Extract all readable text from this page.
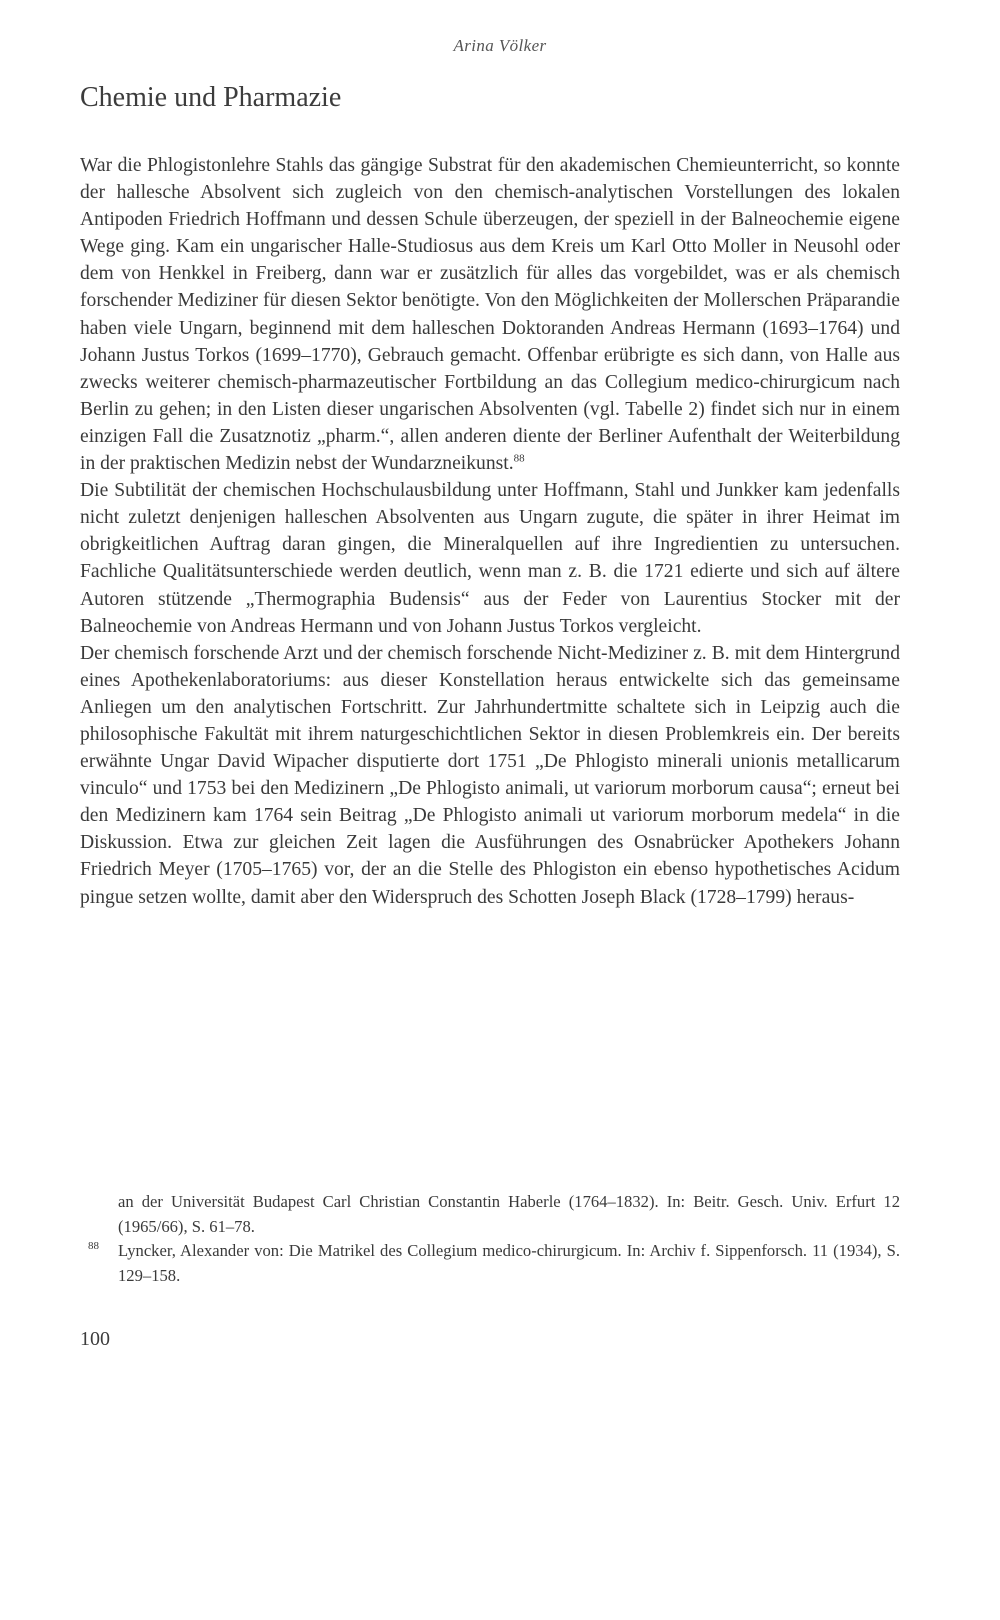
Arina Völker
Chemie und Pharmazie

War die Phlogistonlehre Stahls das gängige Substrat für den akademischen Chemieunterricht, so konnte der hallesche Absolvent sich zugleich von den chemisch-analytischen Vorstellungen des lokalen Antipoden Friedrich Hoffmann und dessen Schule überzeugen, der speziell in der Balneochemie eigene Wege ging. Kam ein ungarischer Halle-Studiosus aus dem Kreis um Karl Otto Moller in Neusohl oder dem von Henkkel in Freiberg, dann war er zusätzlich für alles das vorgebildet, was er als chemisch forschender Mediziner für diesen Sektor benötigte. Von den Möglichkeiten der Mollerschen Präparandie haben viele Ungarn, beginnend mit dem halleschen Doktoranden Andreas Hermann (1693–1764) und Johann Justus Torkos (1699–1770), Gebrauch gemacht. Offenbar erübrigte es sich dann, von Halle aus zwecks weiterer chemisch-pharmazeutischer Fortbildung an das Collegium medico-chirurgicum nach Berlin zu gehen; in den Listen dieser ungarischen Absolventen (vgl. Tabelle 2) findet sich nur in einem einzigen Fall die Zusatznotiz „pharm.“, allen anderen diente der Berliner Aufenthalt der Weiterbildung in der praktischen Medizin nebst der Wundarzneikunst.$^{88}$

Die Subtilität der chemischen Hochschulausbildung unter Hoffmann, Stahl und Junkker kam jedenfalls nicht zuletzt denjenigen halleschen Absolventen aus Ungarn zugute, die später in ihrer Heimat im obrigkeitlichen Auftrag daran gingen, die Mineralquellen auf ihre Ingredientien zu untersuchen. Fachliche Qualitätsunterschiede werden deutlich, wenn man z. B. die 1721 edierte und sich auf ältere Autoren stützende „Thermographia Budensis“ aus der Feder von Laurentius Stocker mit der Balneochemie von Andreas Hermann und von Johann Justus Torkos vergleicht.

Der chemisch forschende Arzt und der chemisch forschende Nicht-Mediziner z. B. mit dem Hintergrund eines Apothekenlaboratoriums: aus dieser Konstellation heraus entwickelte sich das gemeinsame Anliegen um den analytischen Fortschritt. Zur Jahrhundertmitte schaltete sich in Leipzig auch die philosophische Fakultät mit ihrem naturgeschichtlichen Sektor in diesen Problemkreis ein. Der bereits erwähnte Ungar David Wipacher disputierte dort 1751 „De Phlogisto minerali unionis metallicarum vinculo“ und 1753 bei den Medizinern „De Phlogisto animali, ut variorum morborum causa“; erneut bei den Medizinern kam 1764 sein Beitrag „De Phlogisto animali ut variorum morborum medela“ in die Diskussion. Etwa zur gleichen Zeit lagen die Ausführungen des Osnabrücker Apothekers Johann Friedrich Meyer (1705–1765) vor, der an die Stelle des Phlogiston ein ebenso hypothetisches Acidum pingue setzen wollte, damit aber den Widerspruch des Schotten Joseph Black (1728–1799) heraus-

an der Universität Budapest Carl Christian Constantin Haberle (1764–1832). In: Beitr. Gesch. Univ. Erfurt 12 (1965/66), S. 61–78.

88 Lyncker, Alexander von: Die Matrikel des Collegium medico-chirurgicum. In: Archiv f. Sippenforsch. 11 (1934), S. 129–158.

100
